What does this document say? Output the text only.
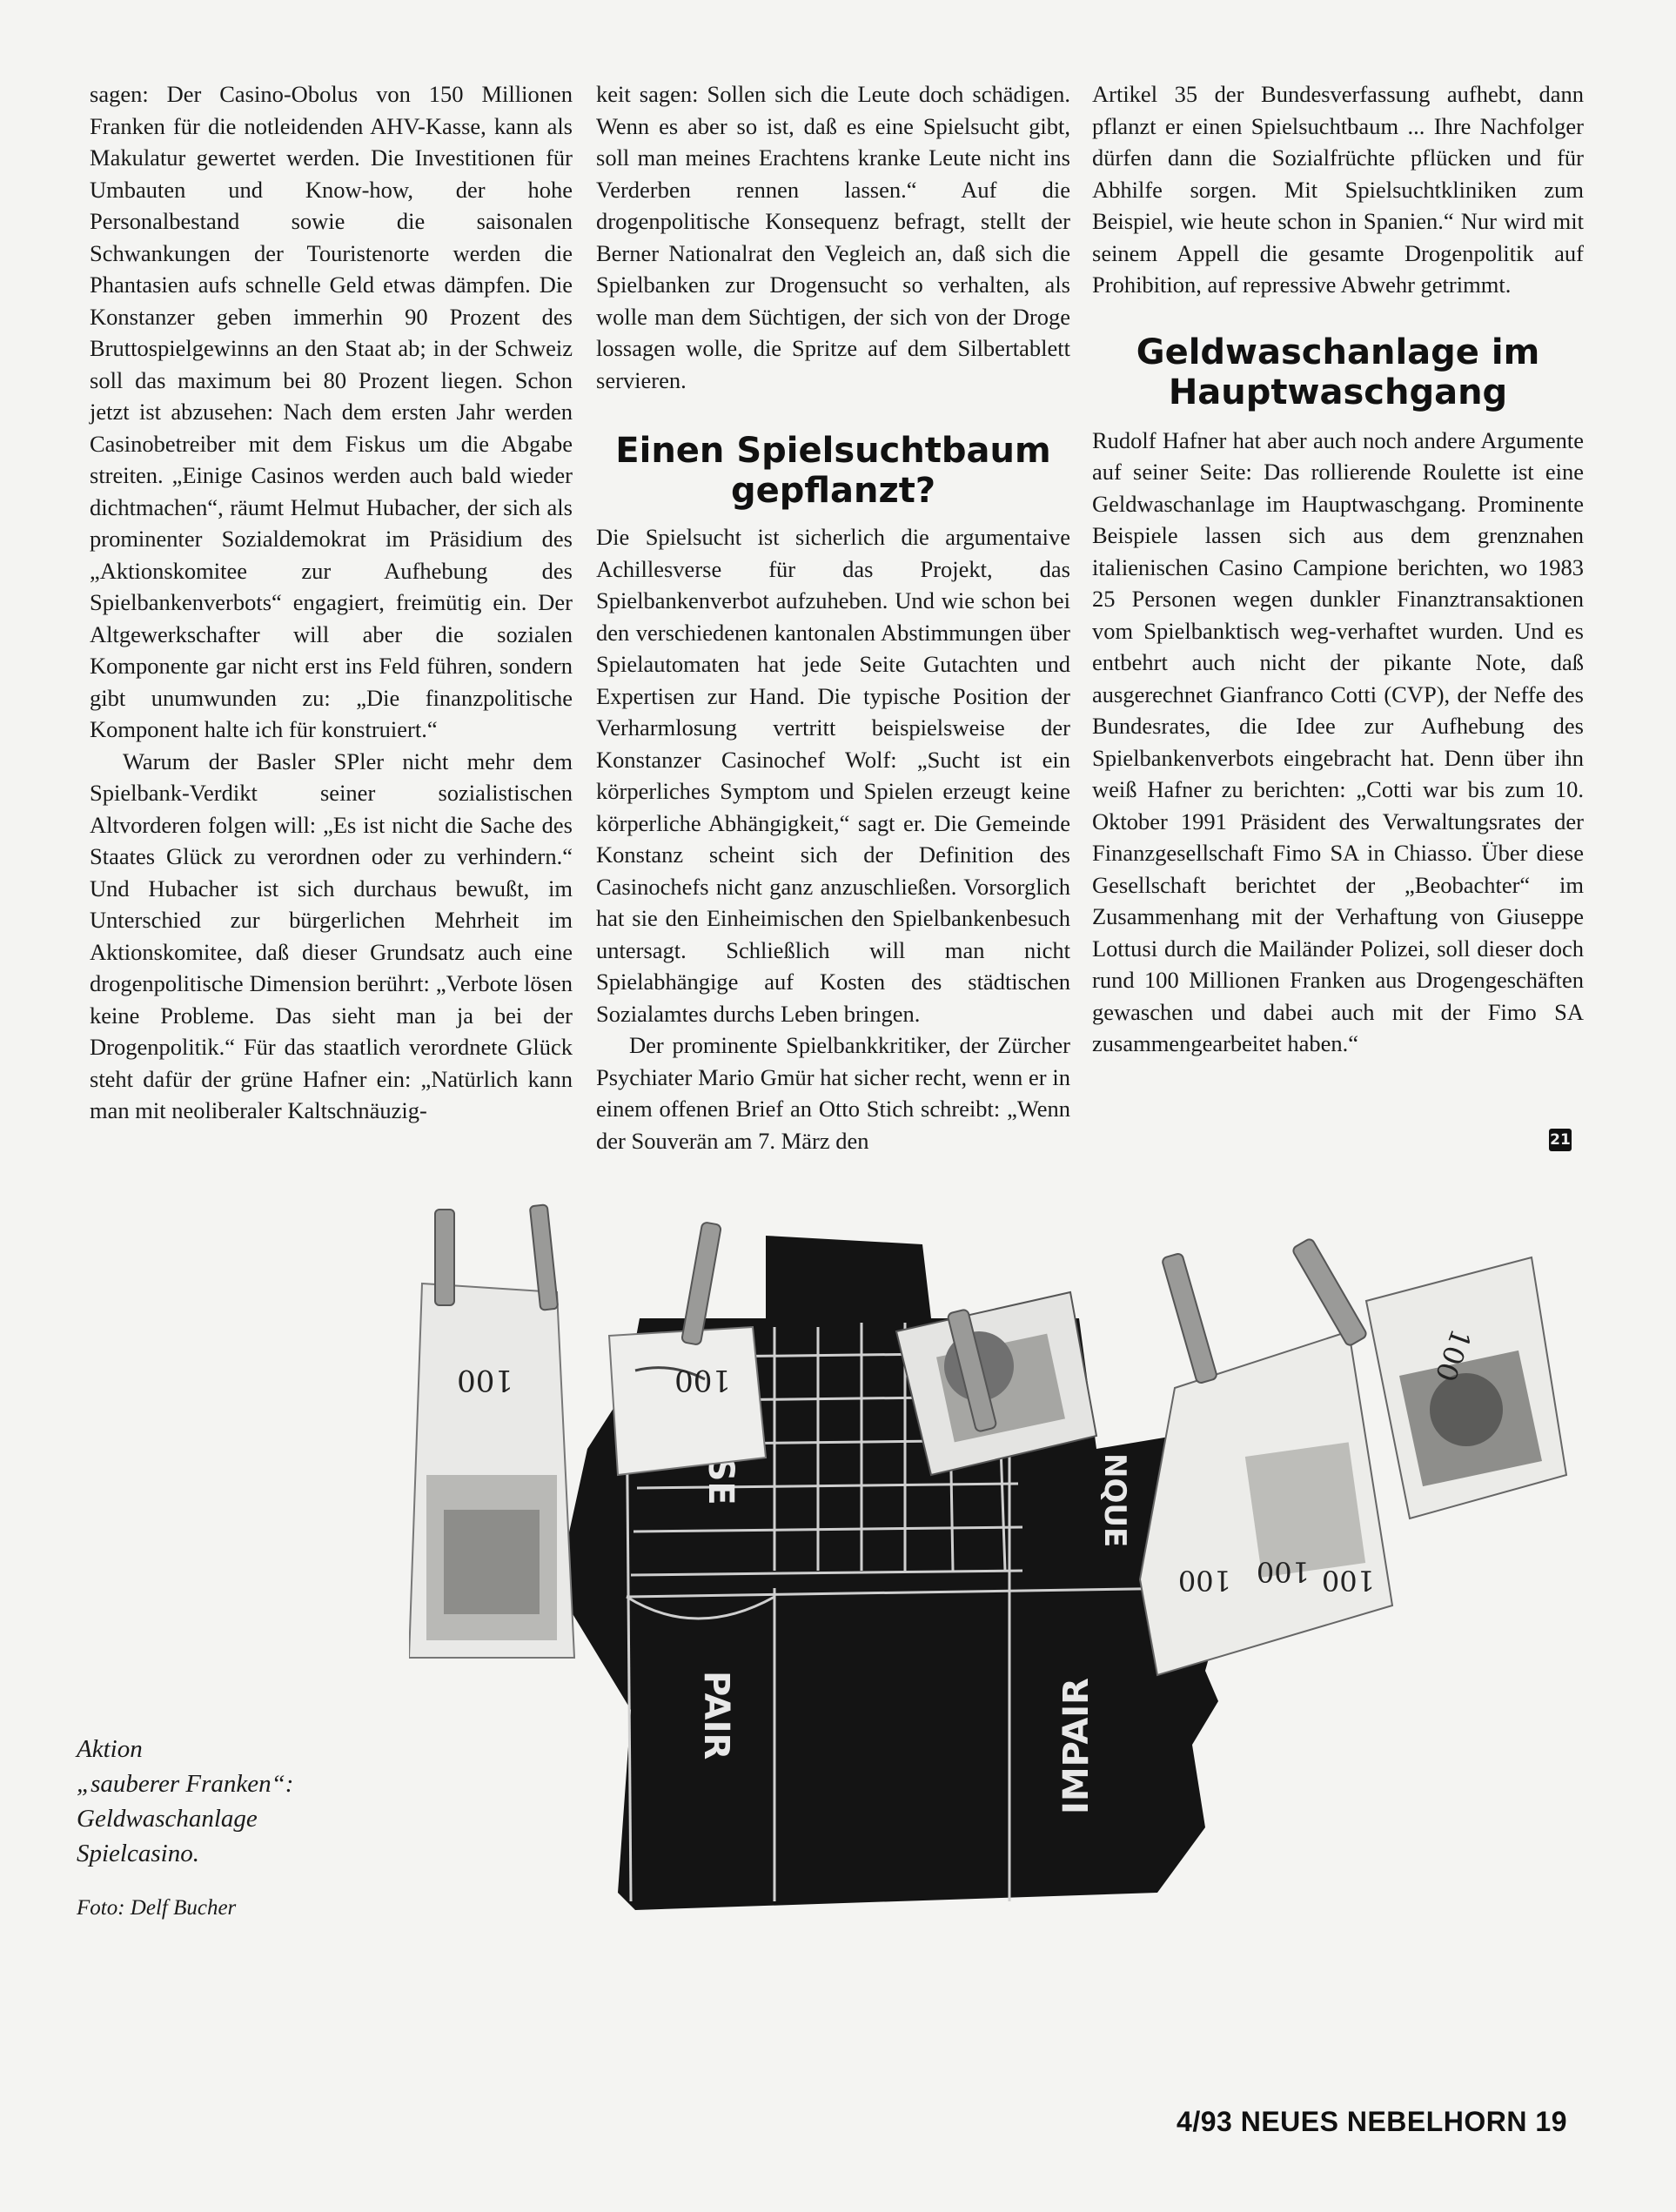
sagen: Der Casino-Obolus von 150 Millionen Franken für die notleidenden AHV-Kasse, kann als Makulatur gewertet werden. Die Investitionen für Umbauten und Know-how, der hohe Personalbestand sowie die saisonalen Schwankungen der Touristenorte werden die Phantasien aufs schnelle Geld etwas dämpfen. Die Konstanzer geben immerhin 90 Prozent des Bruttospielgewinns an den Staat ab; in der Schweiz soll das maximum bei 80 Prozent liegen. Schon jetzt ist abzusehen: Nach dem ersten Jahr werden Casinobetreiber mit dem Fiskus um die Abgabe streiten. „Einige Casinos werden auch bald wieder dichtmachen“, räumt Helmut Hubacher, der sich als prominenter Sozialdemokrat im Präsidium des „Aktionskomitee zur Aufhebung des Spielbankenverbots“ engagiert, freimütig ein. Der Altgewerkschafter will aber die sozialen Komponente gar nicht erst ins Feld führen, sondern gibt unumwunden zu: „Die finanzpolitische Komponent halte ich für konstruiert.“

Warum der Basler SPler nicht mehr dem Spielbank-Verdikt seiner sozialistischen Altvorderen folgen will: „Es ist nicht die Sache des Staates Glück zu verordnen oder zu verhindern.“ Und Hubacher ist sich durchaus bewußt, im Unterschied zur bürgerlichen Mehrheit im Aktionskomitee, daß dieser Grundsatz auch eine drogenpolitische Dimension berührt: „Verbote lösen keine Probleme. Das sieht man ja bei der Drogenpolitik.“ Für das staatlich verordnete Glück steht dafür der grüne Hafner ein: „Natürlich kann man mit neoliberaler Kaltschnäuzig-

keit sagen: Sollen sich die Leute doch schädigen. Wenn es aber so ist, daß es eine Spielsucht gibt, soll man meines Erachtens kranke Leute nicht ins Verderben rennen lassen.“ Auf die drogenpolitische Konsequenz befragt, stellt der Berner Nationalrat den Vegleich an, daß sich die Spielbanken zur Drogensucht so verhalten, als wolle man dem Süchtigen, der sich von der Droge lossagen wolle, die Spritze auf dem Silbertablett servieren.

Einen Spielsuchtbaum gepflanzt?

Die Spielsucht ist sicherlich die argumentaive Achillesverse für das Projekt, das Spielbankenverbot aufzuheben. Und wie schon bei den verschiedenen kantonalen Abstimmungen über Spielautomaten hat jede Seite Gutachten und Expertisen zur Hand. Die typische Position der Verharmlosung vertritt beispielsweise der Konstanzer Casinochef Wolf: „Sucht ist ein körperliches Symptom und Spielen erzeugt keine körperliche Abhängigkeit,“ sagt er. Die Gemeinde Konstanz scheint sich der Definition des Casinochefs nicht ganz anzuschließen. Vorsorglich hat sie den Einheimischen den Spielbankenbesuch untersagt. Schließlich will man nicht Spielabhängige auf Kosten des städtischen Sozialamtes durchs Leben bringen.

Der prominente Spielbankkritiker, der Zürcher Psychiater Mario Gmür hat sicher recht, wenn er in einem offenen Brief an Otto Stich schreibt: „Wenn der Souverän am 7. März den

Artikel 35 der Bundesverfassung aufhebt, dann pflanzt er einen Spielsuchtbaum ... Ihre Nachfolger dürfen dann die Sozialfrüchte pflücken und für Abhilfe sorgen. Mit Spielsuchtkliniken zum Beispiel, wie heute schon in Spanien.“ Nur wird mit seinem Appell die gesamte Drogenpolitik auf Prohibition, auf repressive Abwehr getrimmt.

Geldwaschanlage im Hauptwaschgang

Rudolf Hafner hat aber auch noch andere Argumente auf seiner Seite: Das rollierende Roulette ist eine Geldwaschanlage im Hauptwaschgang. Prominente Beispiele lassen sich aus dem grenznahen italienischen Casino Campione berichten, wo 1983 25 Personen wegen dunkler Finanztransaktionen vom Spielbanktisch weg-verhaftet wurden. Und es entbehrt auch nicht der pikante Note, daß ausgerechnet Gianfranco Cotti (CVP), der Neffe des Bundesrates, die Idee zur Aufhebung des Spielbankenverbots eingebracht hat. Denn über ihn weiß Hafner zu berichten: „Cotti war bis zum 10. Oktober 1991 Präsident des Verwaltungsrates der Finanzgesellschaft Fimo SA in Chiasso. Über diese Gesellschaft berichtet der „Beobachter“ im Zusammenhang mit der Verhaftung von Giuseppe Lottusi durch die Mailänder Polizei, soll dieser doch rund 100 Millionen Franken aus Drogengeschäften gewaschen und dabei auch mit der Fimo SA zusammengearbeitet haben.“

21
PAIR	IMPAIR
NQUE
100	100
100 100
100
100

Aktion
„sauberer Franken“:
Geldwaschanlage
Spielcasino.

Foto: Delf Bucher

4/93 NEUES NEBELHORN 19
